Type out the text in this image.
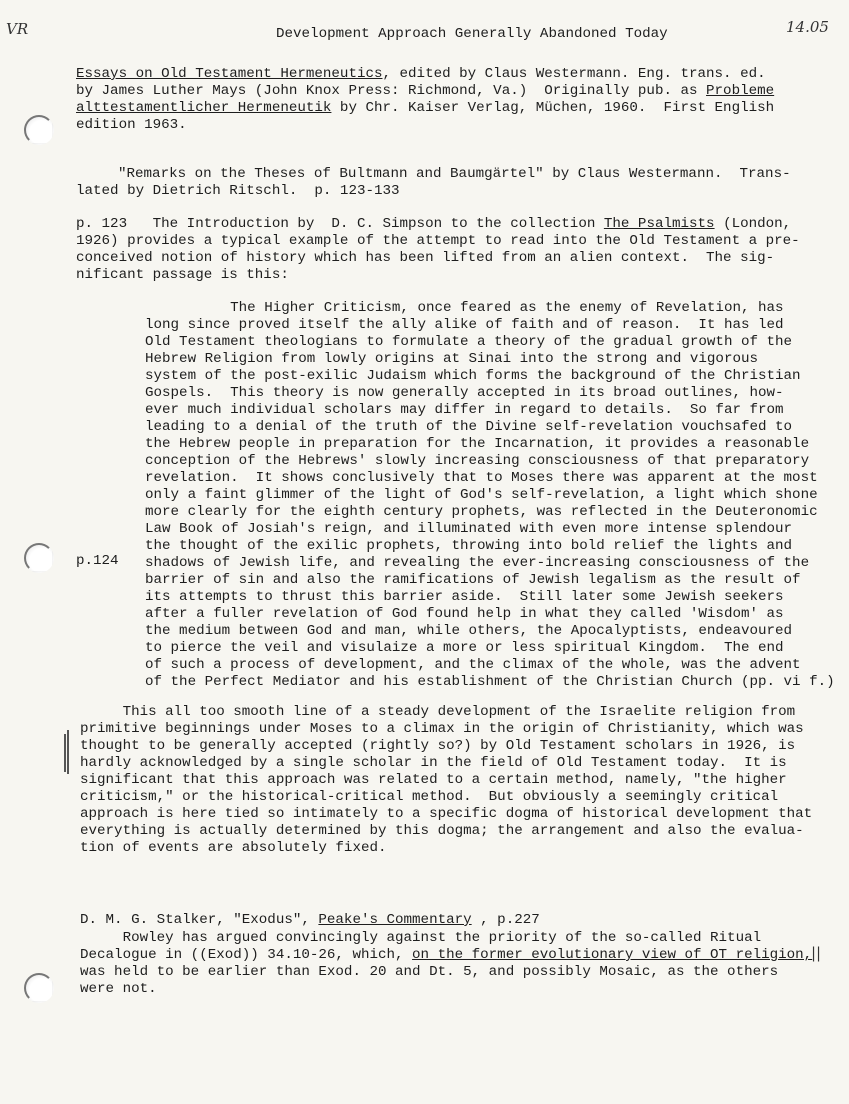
VR	14.05
Development Approach Generally Abandoned Today
Essays on Old Testament Hermeneutics, edited by Claus Westermann. Eng. trans. ed.
by James Luther Mays (John Knox Press: Richmond, Va.)  Originally pub. as Probleme
alttestamentlicher Hermeneutik by Chr. Kaiser Verlag, Müchen, 1960.  First English
edition 1963.
"Remarks on the Theses of Bultmann and Baumgärtel" by Claus Westermann.  Trans-
lated by Dietrich Ritschl.  p. 123-133
p. 123   The Introduction by  D. C. Simpson to the collection The Psalmists (London,
1926) provides a typical example of the attempt to read into the Old Testament a pre-
conceived notion of history which has been lifted from an alien context.  The sig-
nificant passage is this:
p.124
The Higher Criticism, once feared as the enemy of Revelation, has
long since proved itself the ally alike of faith and of reason.  It has led
Old Testament theologians to formulate a theory of the gradual growth of the
Hebrew Religion from lowly origins at Sinai into the strong and vigorous
system of the post-exilic Judaism which forms the background of the Christian
Gospels.  This theory is now generally accepted in its broad outlines, how-
ever much individual scholars may differ in regard to details.  So far from
leading to a denial of the truth of the Divine self-revelation vouchsafed to
the Hebrew people in preparation for the Incarnation, it provides a reasonable
conception of the Hebrews' slowly increasing consciousness of that preparatory
revelation.  It shows conclusively that to Moses there was apparent at the most
only a faint glimmer of the light of God's self-revelation, a light which shone
more clearly for the eighth century prophets, was reflected in the Deuteronomic
Law Book of Josiah's reign, and illuminated with even more intense splendour
the thought of the exilic prophets, throwing into bold relief the lights and
shadows of Jewish life, and revealing the ever-increasing consciousness of the
barrier of sin and also the ramifications of Jewish legalism as the result of
its attempts to thrust this barrier aside.  Still later some Jewish seekers
after a fuller revelation of God found help in what they called 'Wisdom' as
the medium between God and man, while others, the Apocalyptists, endeavoured
to pierce the veil and visulaize a more or less spiritual Kingdom.  The end
of such a process of development, and the climax of the whole, was the advent
of the Perfect Mediator and his establishment of the Christian Church (pp. vi f.)
This all too smooth line of a steady development of the Israelite religion from
primitive beginnings under Moses to a climax in the origin of Christianity, which was
thought to be generally accepted (rightly so?) by Old Testament scholars in 1926, is
hardly acknowledged by a single scholar in the field of Old Testament today.  It is
significant that this approach was related to a certain method, namely, "the higher
criticism," or the historical-critical method.  But obviously a seemingly critical
approach is here tied so intimately to a specific dogma of historical development that
everything is actually determined by this dogma; the arrangement and also the evalua-
tion of events are absolutely fixed.
D. M. G. Stalker, "Exodus", Peake's Commentary , p.227
Rowley has argued convincingly against the priority of the so-called Ritual
Decalogue in ((Exod)) 34.10-26, which, on the former evolutionary view of OT religion,
||
was held to be earlier than Exod. 20 and Dt. 5, and possibly Mosaic, as the others
were not.
